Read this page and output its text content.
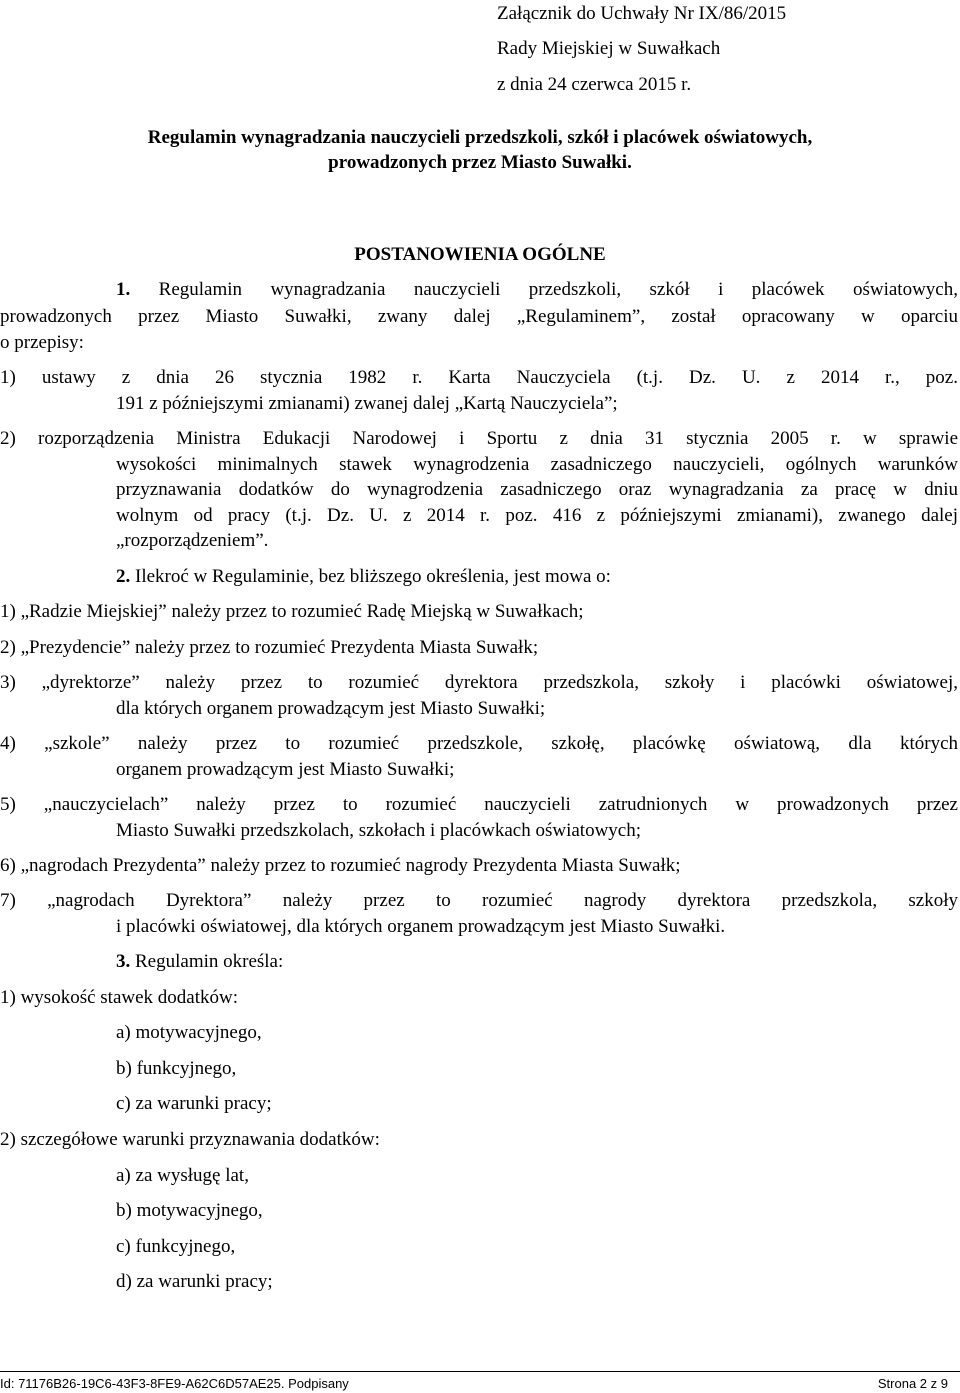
Załącznik do Uchwały Nr IX/86/2015
Rady Miejskiej w Suwałkach
z dnia 24 czerwca 2015 r.
Regulamin wynagradzania nauczycieli przedszkoli, szkół i placówek oświatowych,
prowadzonych przez Miasto Suwałki.
POSTANOWIENIA OGÓLNE
1. Regulamin wynagradzania nauczycieli przedszkoli, szkół i placówek oświatowych,
prowadzonych przez Miasto Suwałki, zwany dalej „Regulaminem”, został opracowany w oparciu
o przepisy:
1) ustawy z dnia 26 stycznia 1982 r. Karta Nauczyciela (t.j. Dz. U. z 2014 r., poz.
191 z późniejszymi zmianami) zwanej dalej „Kartą Nauczyciela”;
2) rozporządzenia Ministra Edukacji Narodowej i Sportu z dnia 31 stycznia 2005 r. w sprawie
wysokości minimalnych stawek wynagrodzenia zasadniczego nauczycieli, ogólnych warunków
przyznawania dodatków do wynagrodzenia zasadniczego oraz wynagradzania za pracę w dniu
wolnym od pracy (t.j. Dz. U. z 2014 r. poz. 416 z późniejszymi zmianami), zwanego dalej
„rozporządzeniem”.
2. Ilekroć w Regulaminie, bez bliższego określenia, jest mowa o:
1) „Radzie Miejskiej” należy przez to rozumieć Radę Miejską w Suwałkach;
2) „Prezydencie” należy przez to rozumieć Prezydenta Miasta Suwałk;
3) „dyrektorze” należy przez to rozumieć dyrektora przedszkola, szkoły i placówki oświatowej,
dla których organem prowadzącym jest Miasto Suwałki;
4) „szkole” należy przez to rozumieć przedszkole, szkołę, placówkę oświatową, dla których
organem prowadzącym jest Miasto Suwałki;
5) „nauczycielach” należy przez to rozumieć nauczycieli zatrudnionych w prowadzonych przez
Miasto Suwałki przedszkolach, szkołach i placówkach oświatowych;
6) „nagrodach Prezydenta” należy przez to rozumieć nagrody Prezydenta Miasta Suwałk;
7) „nagrodach Dyrektora” należy przez to rozumieć nagrody dyrektora przedszkola, szkoły
i placówki oświatowej, dla których organem prowadzącym jest Miasto Suwałki.
3. Regulamin określa:
1) wysokość stawek dodatków:
a) motywacyjnego,
b) funkcyjnego,
c) za warunki pracy;
2) szczegółowe warunki przyznawania dodatków:
a) za wysługę lat,
b) motywacyjnego,
c) funkcyjnego,
d) za warunki pracy;
Id: 71176B26-19C6-43F3-8FE9-A62C6D57AE25. Podpisany	Strona 2 z 9
